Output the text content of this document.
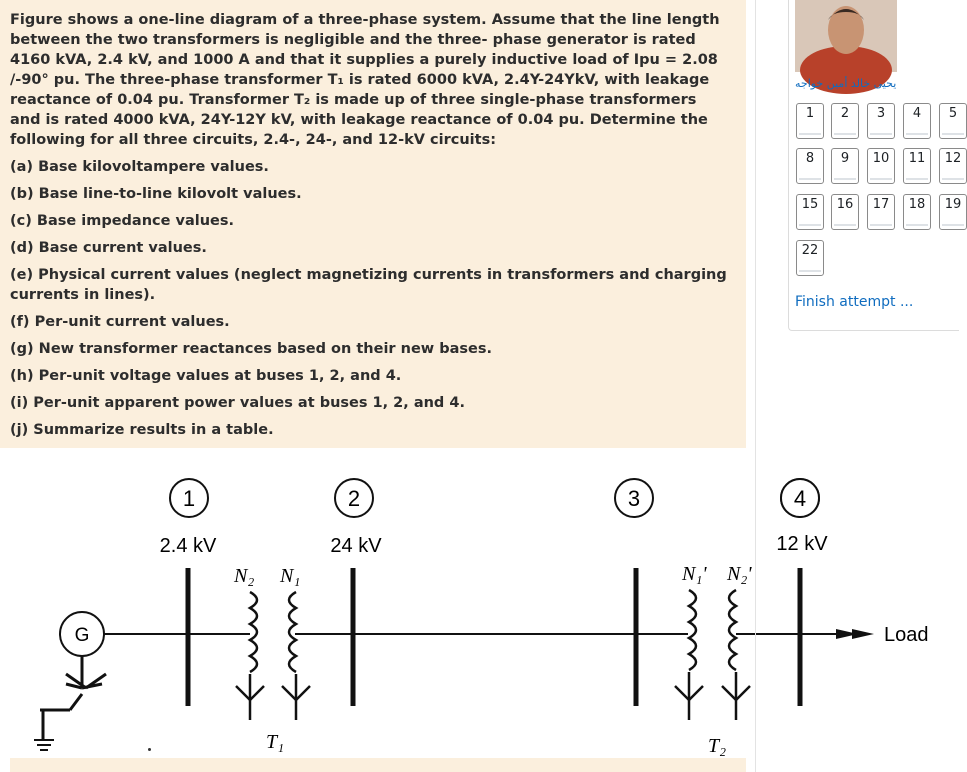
Figure shows a one-line diagram of a three-phase system. Assume that the line length between the two transformers is negligible and the three- phase generator is rated 4160 kVA, 2.4 kV, and 1000 A and that it supplies a purely inductive load of Ipu = 2.08 /-90° pu. The three-phase transformer T₁ is rated 6000 kVA, 2.4Y-24YkV, with leakage reactance of 0.04 pu. Transformer T₂ is made up of three single-phase transformers and is rated 4000 kVA, 24Y-12Y kV, with leakage reactance of 0.04 pu. Determine the following for all three circuits, 2.4-, 24-, and 12-kV circuits:

(a) Base kilovoltampere values.
(b) Base line-to-line kilovolt values.
(c) Base impedance values.
(d) Base current values.
(e) Physical current values (neglect magnetizing currents in transformers and charging currents in lines).
(f) Per-unit current values.
(g) New transformer reactances based on their new bases.
(h) Per-unit voltage values at buses 1, 2, and 4.
(i) Per-unit apparent power values at buses 1, 2, and 4.
(j) Summarize results in a table.
1	2	3
2.4 kV	24 kV
N₂ N₁	N₁' N₂'
G
T₁	T₂
4
12 kV
Load
يحيى خالد أمين خواجه
1	2	3	4	5
8	9	10	11	12
15	16	17	18	19
22
Finish attempt ...
